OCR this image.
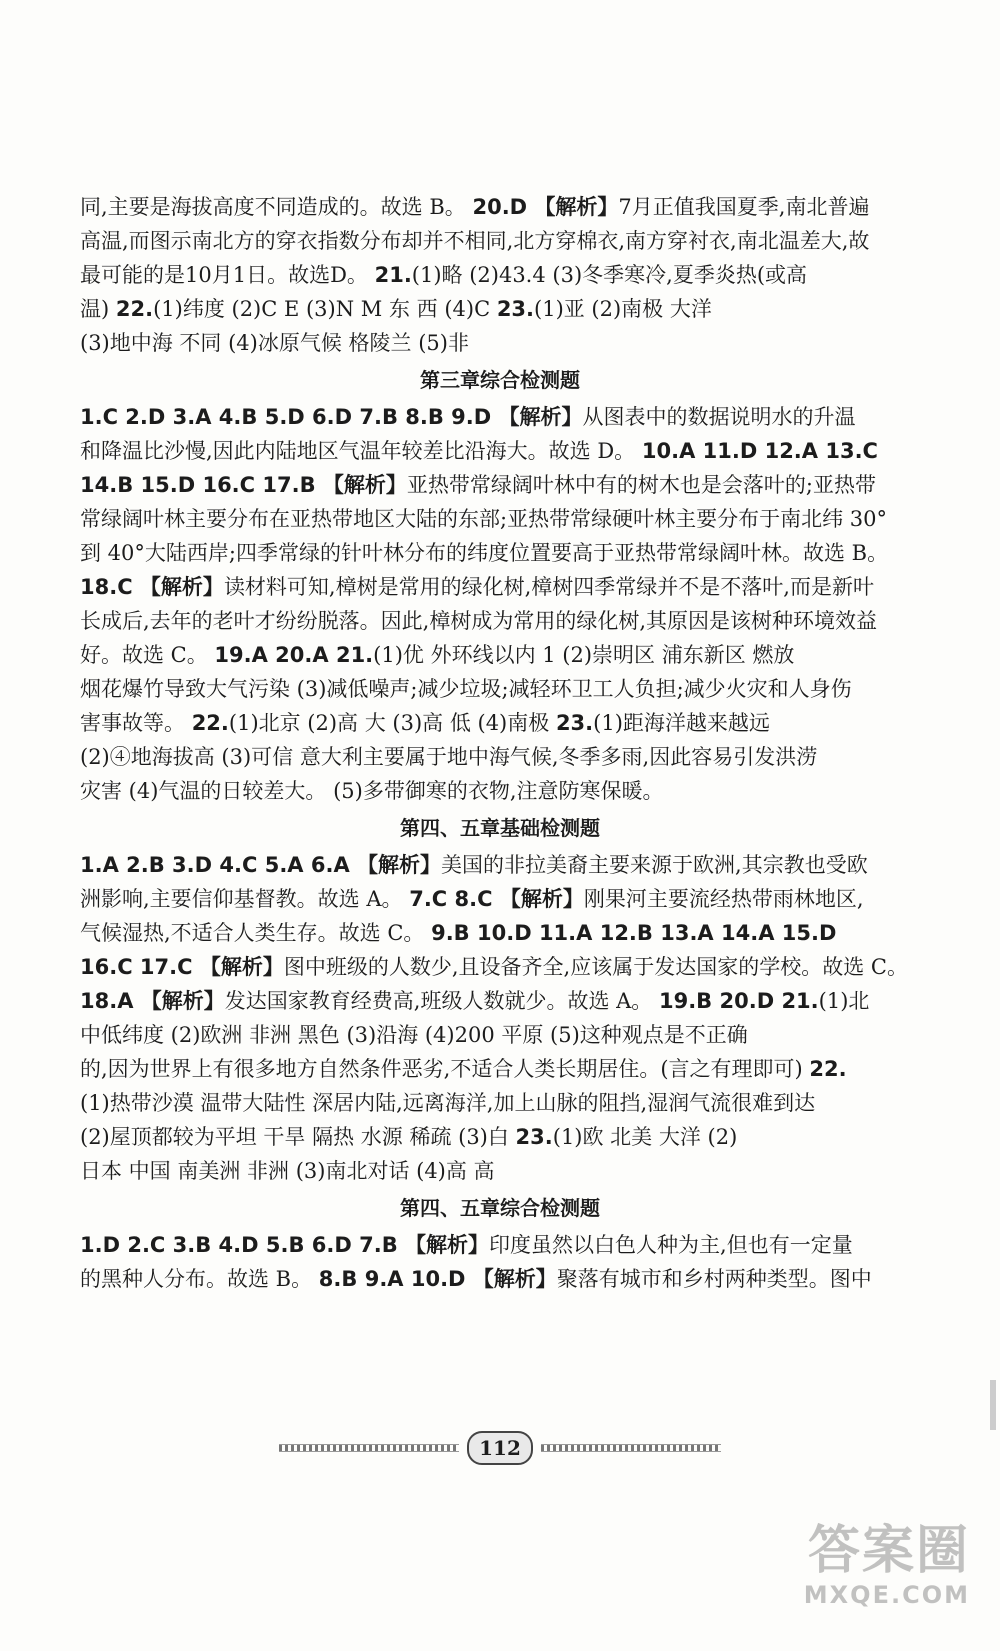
同,主要是海拔高度不同造成的。故选 B。 20.D 【解析】7月正值我国夏季,南北普遍
高温,而图示南北方的穿衣指数分布却并不相同,北方穿棉衣,南方穿衬衣,南北温差大,故
最可能的是10月1日。故选D。 21.(1)略 (2)43.4 (3)冬季寒冷,夏季炎热(或高
温) 22.(1)纬度 (2)C E (3)N M 东 西 (4)C 23.(1)亚 (2)南极 大洋
(3)地中海 不同 (4)冰原气候 格陵兰 (5)非
第三章综合检测题
1.C 2.D 3.A 4.B 5.D 6.D 7.B 8.B 9.D 【解析】从图表中的数据说明水的升温
和降温比沙慢,因此内陆地区气温年较差比沿海大。故选 D。 10.A 11.D 12.A 13.C
14.B 15.D 16.C 17.B 【解析】亚热带常绿阔叶林中有的树木也是会落叶的;亚热带
常绿阔叶林主要分布在亚热带地区大陆的东部;亚热带常绿硬叶林主要分布于南北纬 30°
到 40°大陆西岸;四季常绿的针叶林分布的纬度位置要高于亚热带常绿阔叶林。故选 B。
18.C 【解析】读材料可知,樟树是常用的绿化树,樟树四季常绿并不是不落叶,而是新叶
长成后,去年的老叶才纷纷脱落。因此,樟树成为常用的绿化树,其原因是该树种环境效益
好。故选 C。 19.A 20.A 21.(1)优 外环线以内 1 (2)崇明区 浦东新区 燃放
烟花爆竹导致大气污染 (3)减低噪声;减少垃圾;减轻环卫工人负担;减少火灾和人身伤
害事故等。 22.(1)北京 (2)高 大 (3)高 低 (4)南极 23.(1)距海洋越来越远
(2)④地海拔高 (3)可信 意大利主要属于地中海气候,冬季多雨,因此容易引发洪涝
灾害 (4)气温的日较差大。 (5)多带御寒的衣物,注意防寒保暖。
第四、五章基础检测题
1.A 2.B 3.D 4.C 5.A 6.A 【解析】美国的非拉美裔主要来源于欧洲,其宗教也受欧
洲影响,主要信仰基督教。故选 A。 7.C 8.C 【解析】刚果河主要流经热带雨林地区,
气候湿热,不适合人类生存。故选 C。 9.B 10.D 11.A 12.B 13.A 14.A 15.D
16.C 17.C 【解析】图中班级的人数少,且设备齐全,应该属于发达国家的学校。故选 C。
18.A 【解析】发达国家教育经费高,班级人数就少。故选 A。 19.B 20.D 21.(1)北
中低纬度 (2)欧洲 非洲 黑色 (3)沿海 (4)200 平原 (5)这种观点是不正确
的,因为世界上有很多地方自然条件恶劣,不适合人类长期居住。(言之有理即可) 22.
(1)热带沙漠 温带大陆性 深居内陆,远离海洋,加上山脉的阻挡,湿润气流很难到达
(2)屋顶都较为平坦 干旱 隔热 水源 稀疏 (3)白 23.(1)欧 北美 大洋 (2)
日本 中国 南美洲 非洲 (3)南北对话 (4)高 高
第四、五章综合检测题
1.D 2.C 3.B 4.D 5.B 6.D 7.B 【解析】印度虽然以白色人种为主,但也有一定量
的黑种人分布。故选 B。 8.B 9.A 10.D 【解析】聚落有城市和乡村两种类型。图中
112
答案圈
MXQE.COM
